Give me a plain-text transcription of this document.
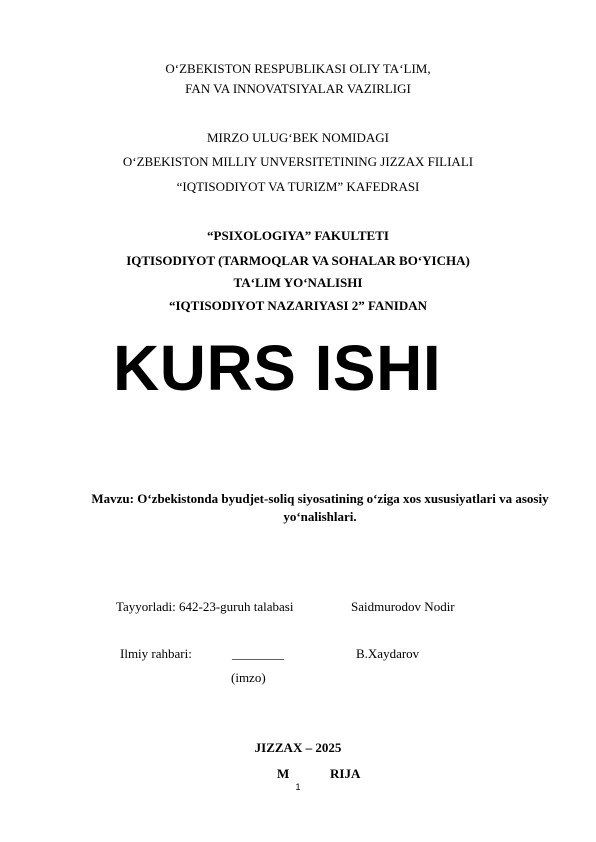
O‘ZBEKISTON RESPUBLIKASI OLIY TA‘LIM,
FAN VA INNOVATSIYALAR VAZIRLIGI
MIRZO ULUG‘BEK NOMIDAGI
O‘ZBEKISTON MILLIY UNVERSITETINING JIZZAX FILIALI
“IQTISODIYOT VA TURIZM” KAFEDRASI
“PSIXOLOGIYA” FAKULTETI
IQTISODIYOT (TARMOQLAR VA SOHALAR BO‘YICHA)
TA‘LIM YO‘NALISHI
“IQTISODIYOT NAZARIYASI 2” FANIDAN
KURS ISHI
Mavzu: O‘zbekistonda byudjet-soliq siyosatining o‘ziga xos xususiyatlari va asosiy yo‘nalishlari.
Tayyorladi: 642-23-guruh talabasi	Saidmurodov Nodir
Ilmiy rahbari:	________	B.Xaydarov
(imzo)
JIZZAX – 2025
M	RIJA
1
